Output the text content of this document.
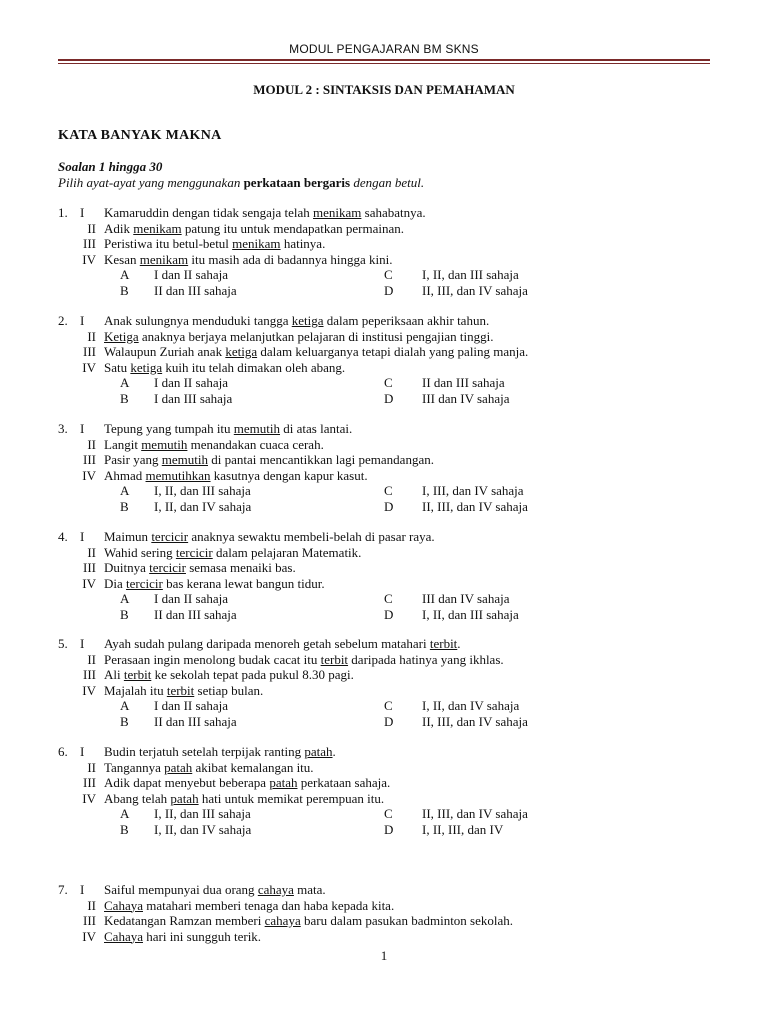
MODUL PENGAJARAN BM SKNS
MODUL 2 : SINTAKSIS DAN PEMAHAMAN
KATA BANYAK MAKNA
Soalan 1 hingga 30
Pilih ayat-ayat yang menggunakan perkataan bergaris dengan betul.
1. I	Kamaruddin dengan tidak sengaja telah menikam sahabatnya.
II Adik menikam patung itu untuk mendapatkan permainan.
III Peristiwa itu betul-betul menikam hatinya.
IV Kesan menikam itu masih ada di badannya hingga kini.
A I dan II sahaja	C I, II, dan III sahaja
B II dan III sahaja	D II, III, dan IV sahaja
2. I	Anak sulungnya menduduki tangga ketiga dalam peperiksaan akhir tahun.
II Ketiga anaknya berjaya melanjutkan pelajaran di institusi pengajian tinggi.
III Walaupun Zuriah anak ketiga dalam keluarganya tetapi dialah yang paling manja.
IV Satu ketiga kuih itu telah dimakan oleh abang.
A I dan II sahaja	C II dan III sahaja
B I dan III sahaja	D III dan IV sahaja
3. I	Tepung yang tumpah itu memutih di atas lantai.
II Langit memutih menandakan cuaca cerah.
III Pasir yang memutih di pantai mencantikkan lagi pemandangan.
IV Ahmad memutihkan kasutnya dengan kapur kasut.
A I, II, dan III sahaja	C I, III, dan IV sahaja
B I, II, dan IV sahaja	D II, III, dan IV sahaja
4. I	Maimun tercicir anaknya sewaktu membeli-belah di pasar raya.
II Wahid sering tercicir dalam pelajaran Matematik.
III Duitnya tercicir semasa menaiki bas.
IV Dia tercicir bas kerana lewat bangun tidur.
A I dan II sahaja	C III dan IV sahaja
B II dan III sahaja	D I, II, dan III sahaja
5. I	Ayah sudah pulang daripada menoreh getah sebelum matahari terbit.
II Perasaan ingin menolong budak cacat itu terbit daripada hatinya yang ikhlas.
III Ali terbit ke sekolah tepat pada pukul 8.30 pagi.
IV Majalah itu terbit setiap bulan.
A I dan II sahaja	C I, II, dan IV sahaja
B II dan III sahaja	D II, III, dan IV sahaja
6. I	Budin terjatuh setelah terpijak ranting patah.
II Tangannya patah akibat kemalangan itu.
III Adik dapat menyebut beberapa patah perkataan sahaja.
IV Abang telah patah hati untuk memikat perempuan itu.
A I, II, dan III sahaja	C II, III, dan IV sahaja
B I, II, dan IV sahaja	D I, II, III, dan IV
7. I	Saiful mempunyai dua orang cahaya mata.
II Cahaya matahari memberi tenaga dan haba kepada kita.
III Kedatangan Ramzan memberi cahaya baru dalam pasukan badminton sekolah.
IV Cahaya hari ini sungguh terik.
1
